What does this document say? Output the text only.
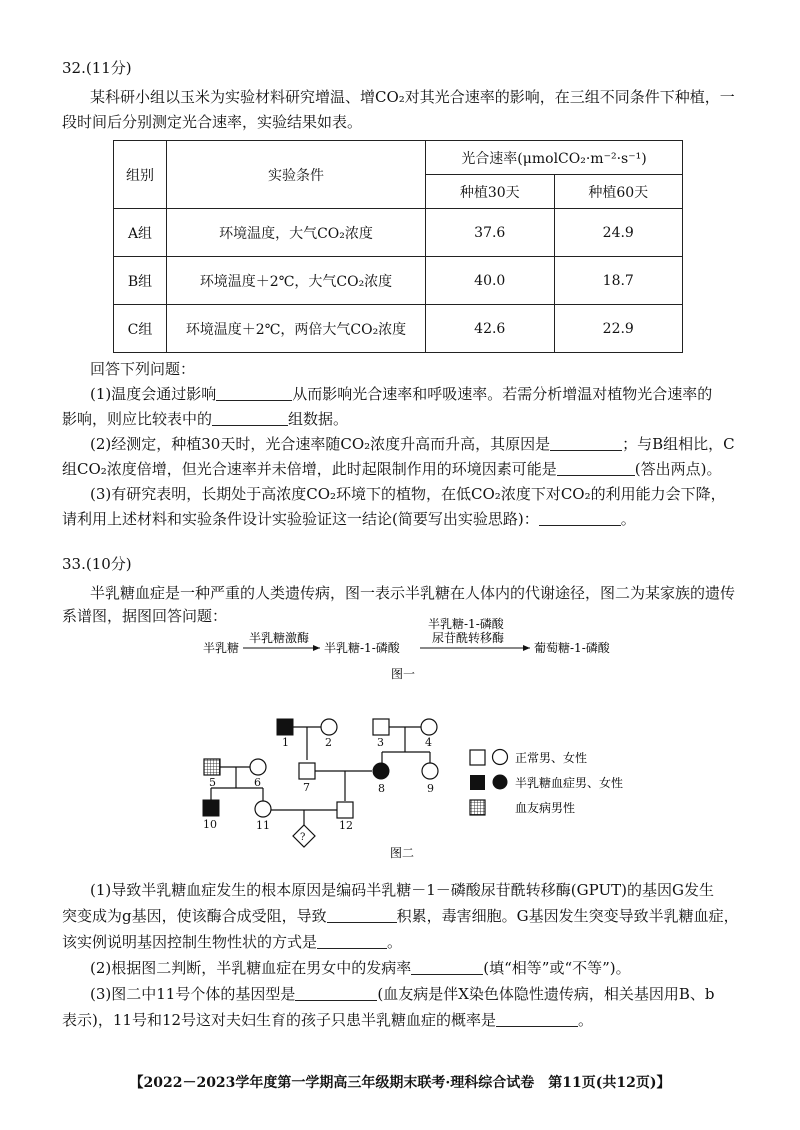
32.(11分)
某科研小组以玉米为实验材料研究增温、增CO₂对其光合速率的影响，在三组不同条件下种植，一
段时间后分别测定光合速率，实验结果如表。
组别	实验条件	光合速率(μmolCO₂·m⁻²·s⁻¹)	
		种植30天	种植60天
A组	环境温度，大气CO₂浓度	37.6	24.9
B组	环境温度＋2℃，大气CO₂浓度	40.0	18.7
C组	环境温度＋2℃，两倍大气CO₂浓度	42.6	22.9
回答下列问题：
(1)温度会通过影响	从而影响光合速率和呼吸速率。若需分析增温对植物光合速率的
影响，则应比较表中的	组数据。
(2)经测定，种植30天时，光合速率随CO₂浓度升高而升高，其原因是	；与B组相比，C
组CO₂浓度倍增，但光合速率并未倍增，此时起限制作用的环境因素可能是	(答出两点)。
(3)有研究表明，长期处于高浓度CO₂环境下的植物，在低CO₂浓度下对CO₂的利用能力会下降，
请利用上述材料和实验条件设计实验验证这一结论(简要写出实验思路)：	。
33.(10分)
半乳糖血症是一种严重的人类遗传病，图一表示半乳糖在人体内的代谢途径，图二为某家族的遗传
系谱图，据图回答问题：
半乳糖
半乳糖激酶
半乳糖-1-磷酸
半乳糖-1-磷酸
尿苷酰转移酶
葡萄糖-1-磷酸
图一
1	2	3	4
5	6	7	8	9
10	11	12
?
正常男、女性
半乳糖血症男、女性
血友病男性
图二
(1)导致半乳糖血症发生的根本原因是编码半乳糖－1－磷酸尿苷酰转移酶(GPUT)的基因G发生
突变成为g基因，使该酶合成受阻，导致	积累，毒害细胞。G基因发生突变导致半乳糖血症，
该实例说明基因控制生物性状的方式是	。
(2)根据图二判断，半乳糖血症在男女中的发病率	(填“相等”或“不等”)。
(3)图二中11号个体的基因型是	(血友病是伴X染色体隐性遗传病，相关基因用B、b
表示)，11号和12号这对夫妇生育的孩子只患半乳糖血症的概率是	。
【2022－2023学年度第一学期高三年级期末联考·理科综合试卷　第11页(共12页)】
